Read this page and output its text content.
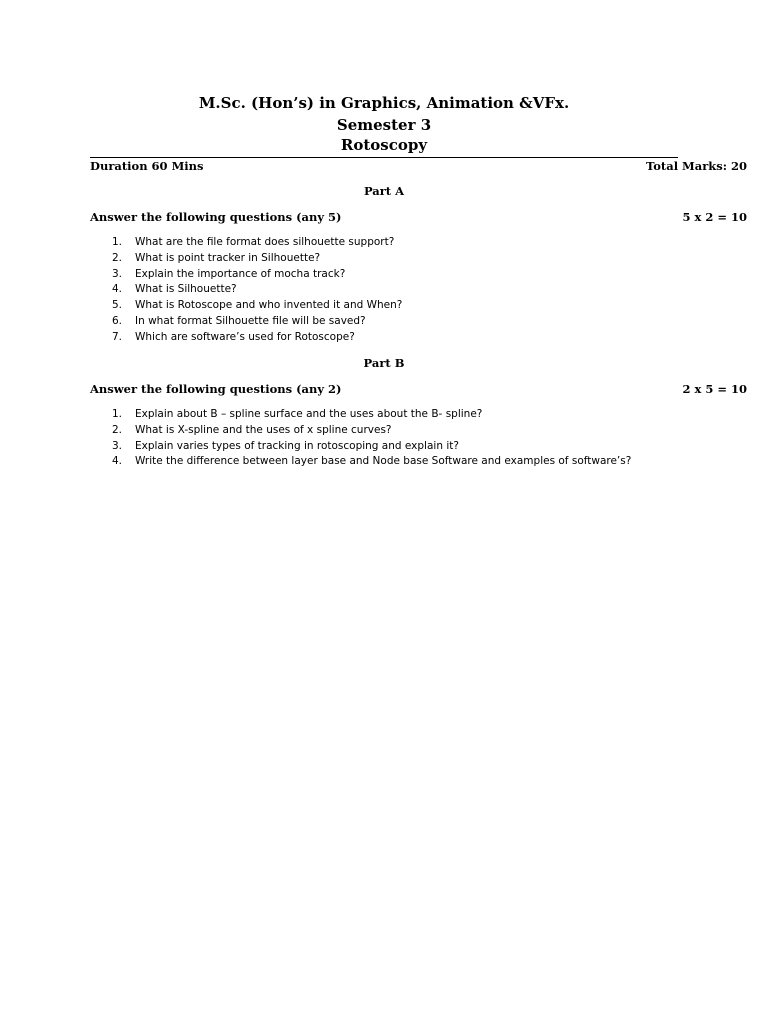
M.Sc. (Hon’s) in Graphics, Animation &VFx.
Semester 3
Rotoscopy
Duration 60 Mins	Total Marks: 20
Part A
Answer the following questions (any 5)	5 x 2 = 10
1. What are the file format does silhouette support?
2. What is point tracker in Silhouette?
3. Explain the importance of mocha track?
4. What is Silhouette?
5. What is Rotoscope and who invented it and When?
6. In what format Silhouette file will be saved?
7. Which are software’s used for Rotoscope?
Part B
Answer the following questions (any 2)	2 x 5 = 10
1. Explain about B – spline surface and the uses about the B- spline?
2. What is X-spline and the uses of x spline curves?
3. Explain varies types of tracking in rotoscoping and explain it?
4. Write the difference between layer base and Node base Software and examples of software’s?
